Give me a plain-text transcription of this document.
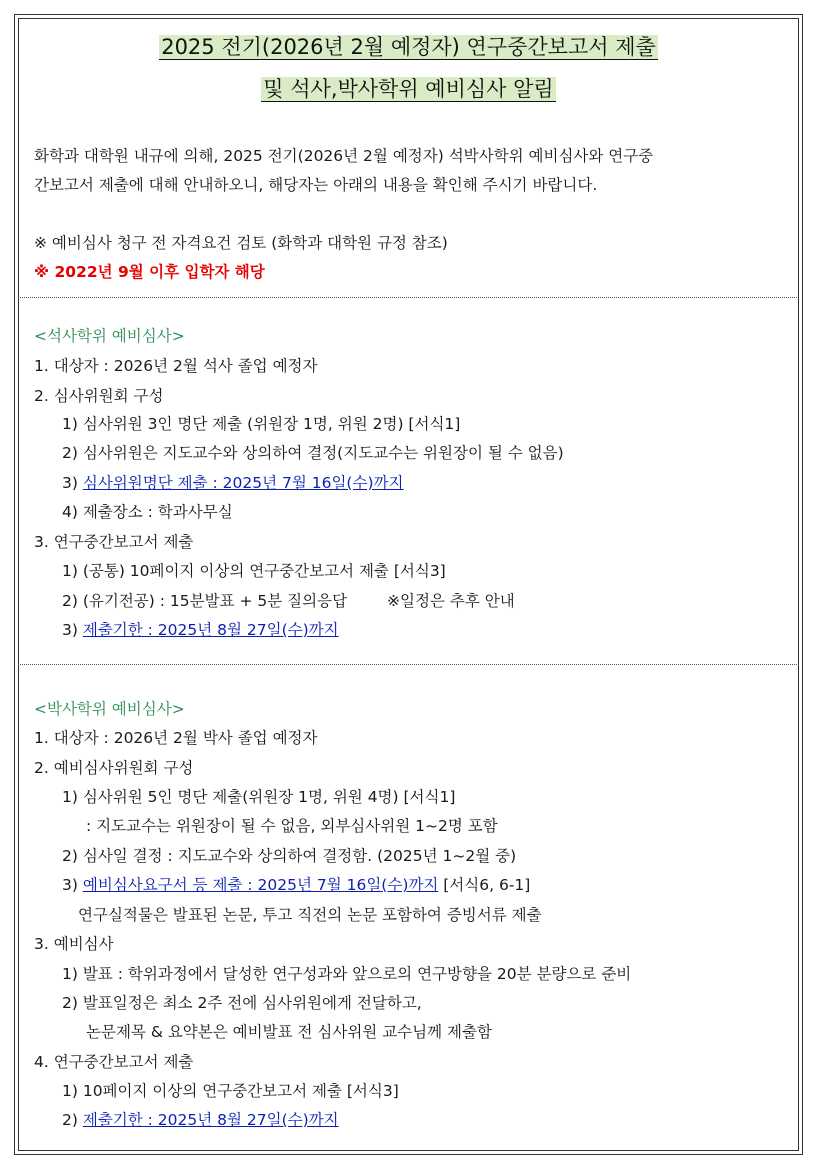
2025 전기(2026년 2월 예정자) 연구중간보고서 제출
및 석사,박사학위 예비심사 알림
화학과 대학원 내규에 의해, 2025 전기(2026년 2월 예정자) 석박사학위 예비심사와 연구중
간보고서 제출에 대해 안내하오니, 해당자는 아래의 내용을 확인해 주시기 바랍니다.
※ 예비심사 청구 전 자격요건 검토 (화학과 대학원 규정 참조)
※ 2022년 9월 이후 입학자 해당
<석사학위 예비심사>
1. 대상자 : 2026년 2월 석사 졸업 예정자
2. 심사위원회 구성
1) 심사위원 3인 명단 제출 (위원장 1명, 위원 2명) [서식1]
2) 심사위원은 지도교수와 상의하여 결정(지도교수는 위원장이 될 수 없음)
3) 심사위원명단 제출 : 2025년 7월 16일(수)까지
4) 제출장소 : 학과사무실
3. 연구중간보고서 제출
1) (공통) 10페이지 이상의 연구중간보고서 제출 [서식3]
2) (유기전공) : 15분발표 + 5분 질의응답	※일정은 추후 안내
3) 제출기한 : 2025년 8월 27일(수)까지
<박사학위 예비심사>
1. 대상자 : 2026년 2월 박사 졸업 예정자
2. 예비심사위원회 구성
1) 심사위원 5인 명단 제출(위원장 1명, 위원 4명) [서식1]
: 지도교수는 위원장이 될 수 없음, 외부심사위원 1~2명 포함
2) 심사일 결정 : 지도교수와 상의하여 결정함. (2025년 1~2월 중)
3) 예비심사요구서 등 제출 : 2025년 7월 16일(수)까지 [서식6, 6-1]
연구실적물은 발표된 논문, 투고 직전의 논문 포함하여 증빙서류 제출
3. 예비심사
1) 발표 : 학위과정에서 달성한 연구성과와 앞으로의 연구방향을 20분 분량으로 준비
2) 발표일정은 최소 2주 전에 심사위원에게 전달하고,
논문제목 & 요약본은 예비발표 전 심사위원 교수님께 제출함
4. 연구중간보고서 제출
1) 10페이지 이상의 연구중간보고서 제출 [서식3]
2) 제출기한 : 2025년 8월 27일(수)까지
